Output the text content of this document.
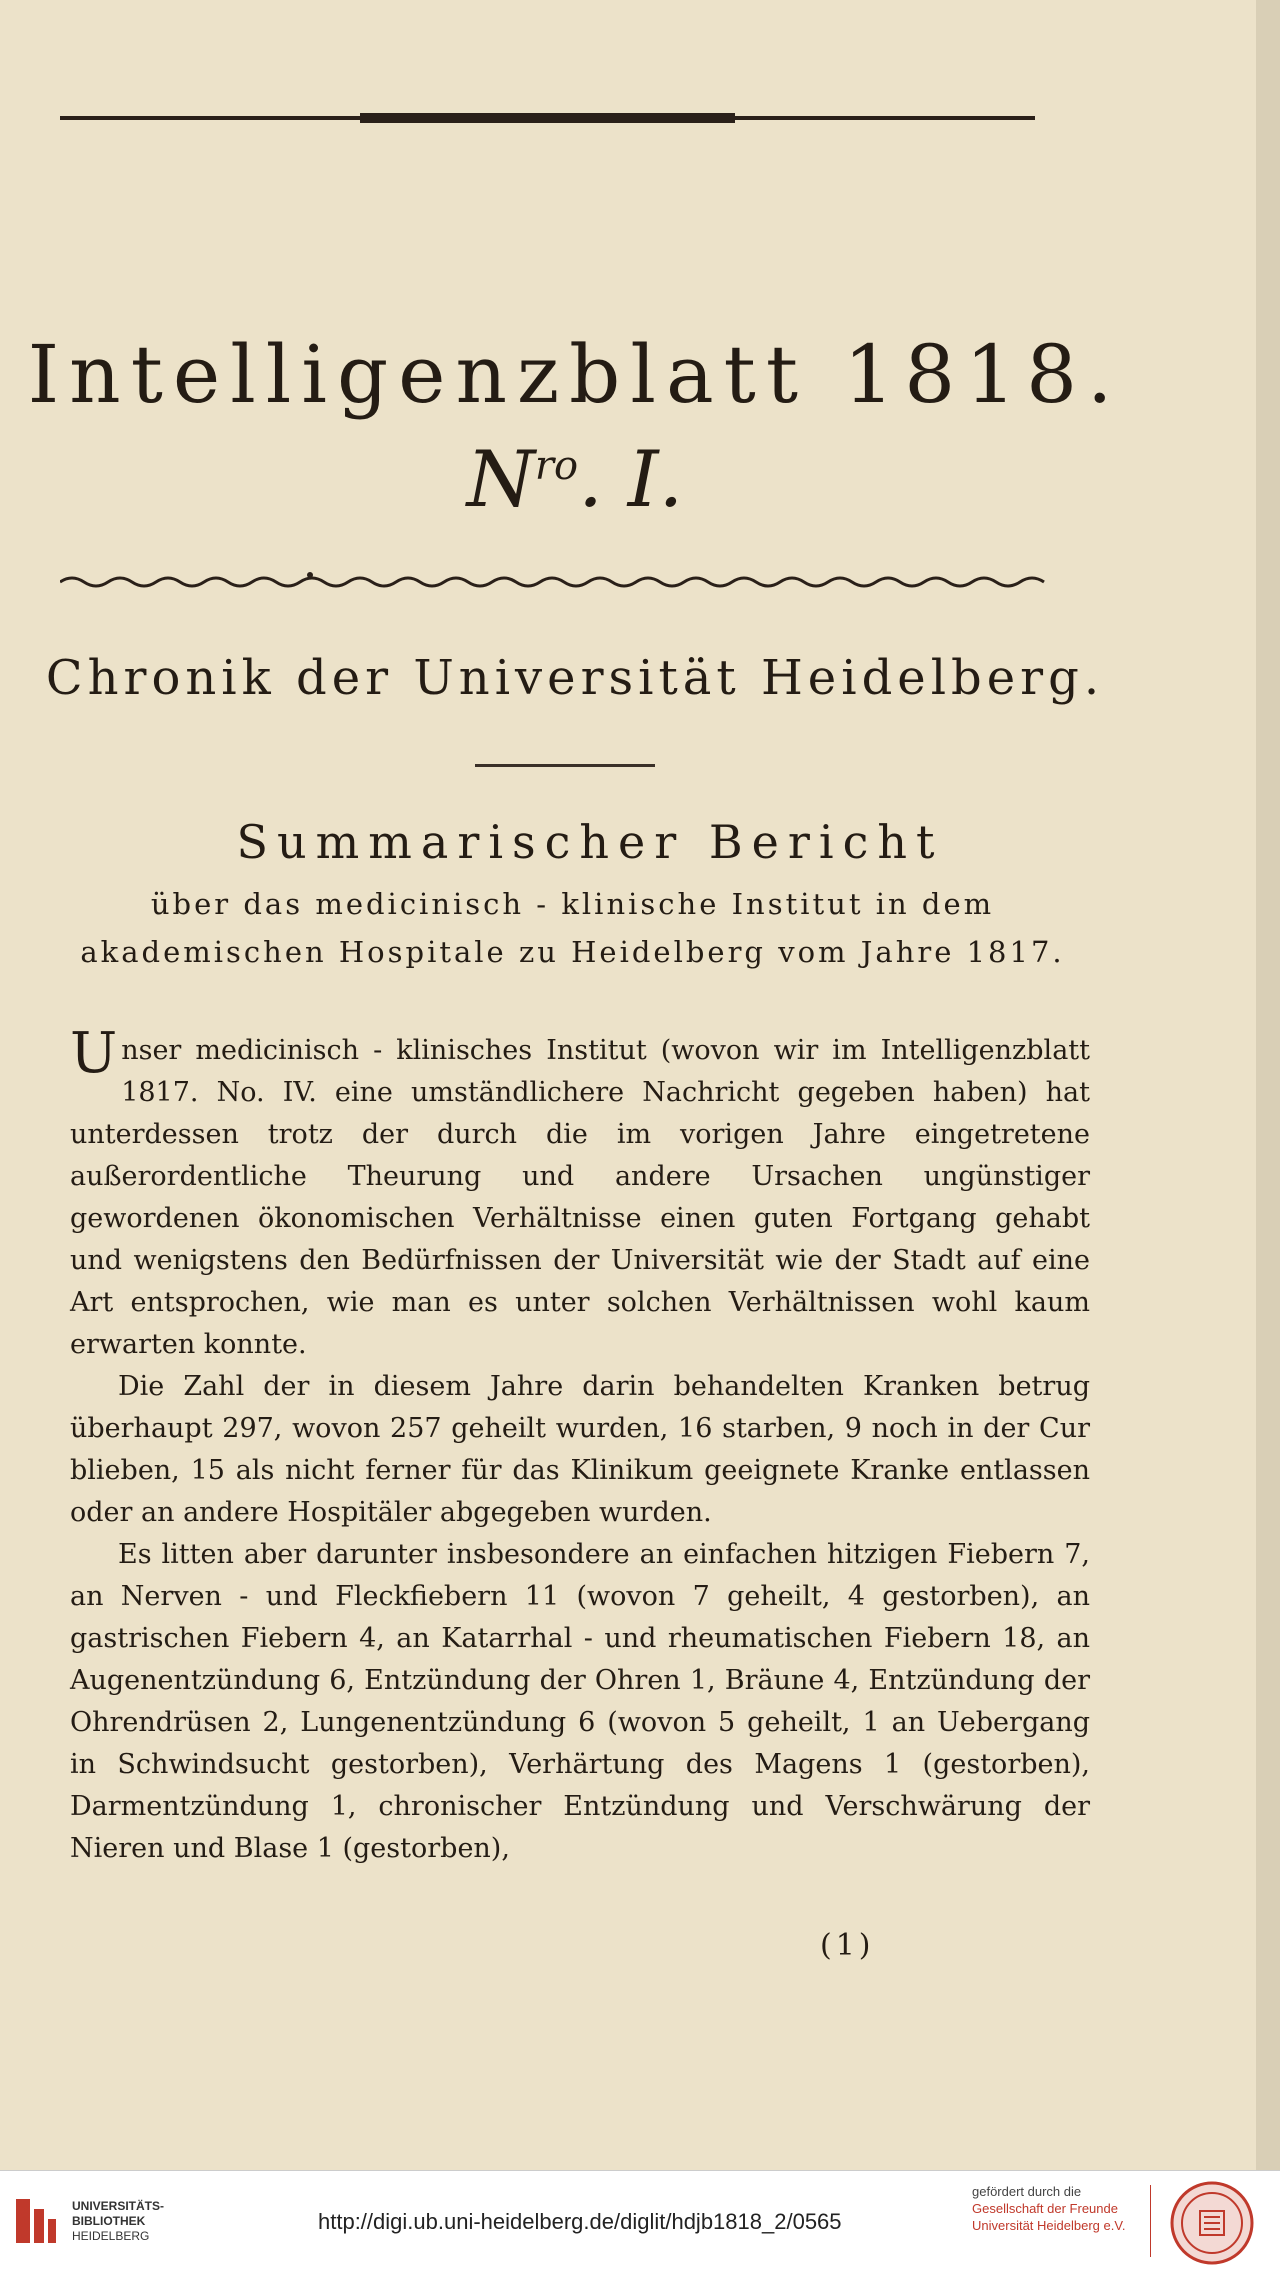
Intelligenzblatt 1818.
$N^{ro}$. I.
Chronik der Universität Heidelberg.
Summarischer Bericht
über das medicinisch - klinische Institut in dem akademischen Hospitale zu Heidelberg vom Jahre 1817.

Unser medicinisch - klinisches Institut (wovon wir im Intelligenzblatt 1817. No. IV. eine umständlichere Nachricht gegeben haben) hat unterdessen trotz der durch die im vorigen Jahre eingetretene außerordentliche Theurung und andere Ursachen ungünstiger gewordenen ökonomischen Verhältnisse einen guten Fortgang gehabt und wenigstens den Bedürfnissen der Universität wie der Stadt auf eine Art entsprochen, wie man es unter solchen Verhältnissen wohl kaum erwarten konnte.

Die Zahl der in diesem Jahre darin behandelten Kranken betrug überhaupt 297, wovon 257 geheilt wurden, 16 starben, 9 noch in der Cur blieben, 15 als nicht ferner für das Klinikum geeignete Kranke entlassen oder an andere Hospitäler abgegeben wurden.

Es litten aber darunter insbesondere an einfachen hitzigen Fiebern 7, an Nerven - und Fleckfiebern 11 (wovon 7 geheilt, 4 gestorben), an gastrischen Fiebern 4, an Katarrhal - und rheumatischen Fiebern 18, an Augenentzündung 6, Entzündung der Ohren 1, Bräune 4, Entzündung der Ohrendrüsen 2, Lungenentzündung 6 (wovon 5 geheilt, 1 an Uebergang in Schwindsucht gestorben), Verhärtung des Magens 1 (gestorben), Darmentzündung 1, chronischer Entzündung und Verschwärung der Nieren und Blase 1 (gestorben),

(1)
UNIVERSITÄTS-
BIBLIOTHEK
HEIDELBERG
http://digi.ub.uni-heidelberg.de/diglit/hdjb1818_2/0565
gefördert durch die
Gesellschaft der Freunde
Universität Heidelberg e.V.
